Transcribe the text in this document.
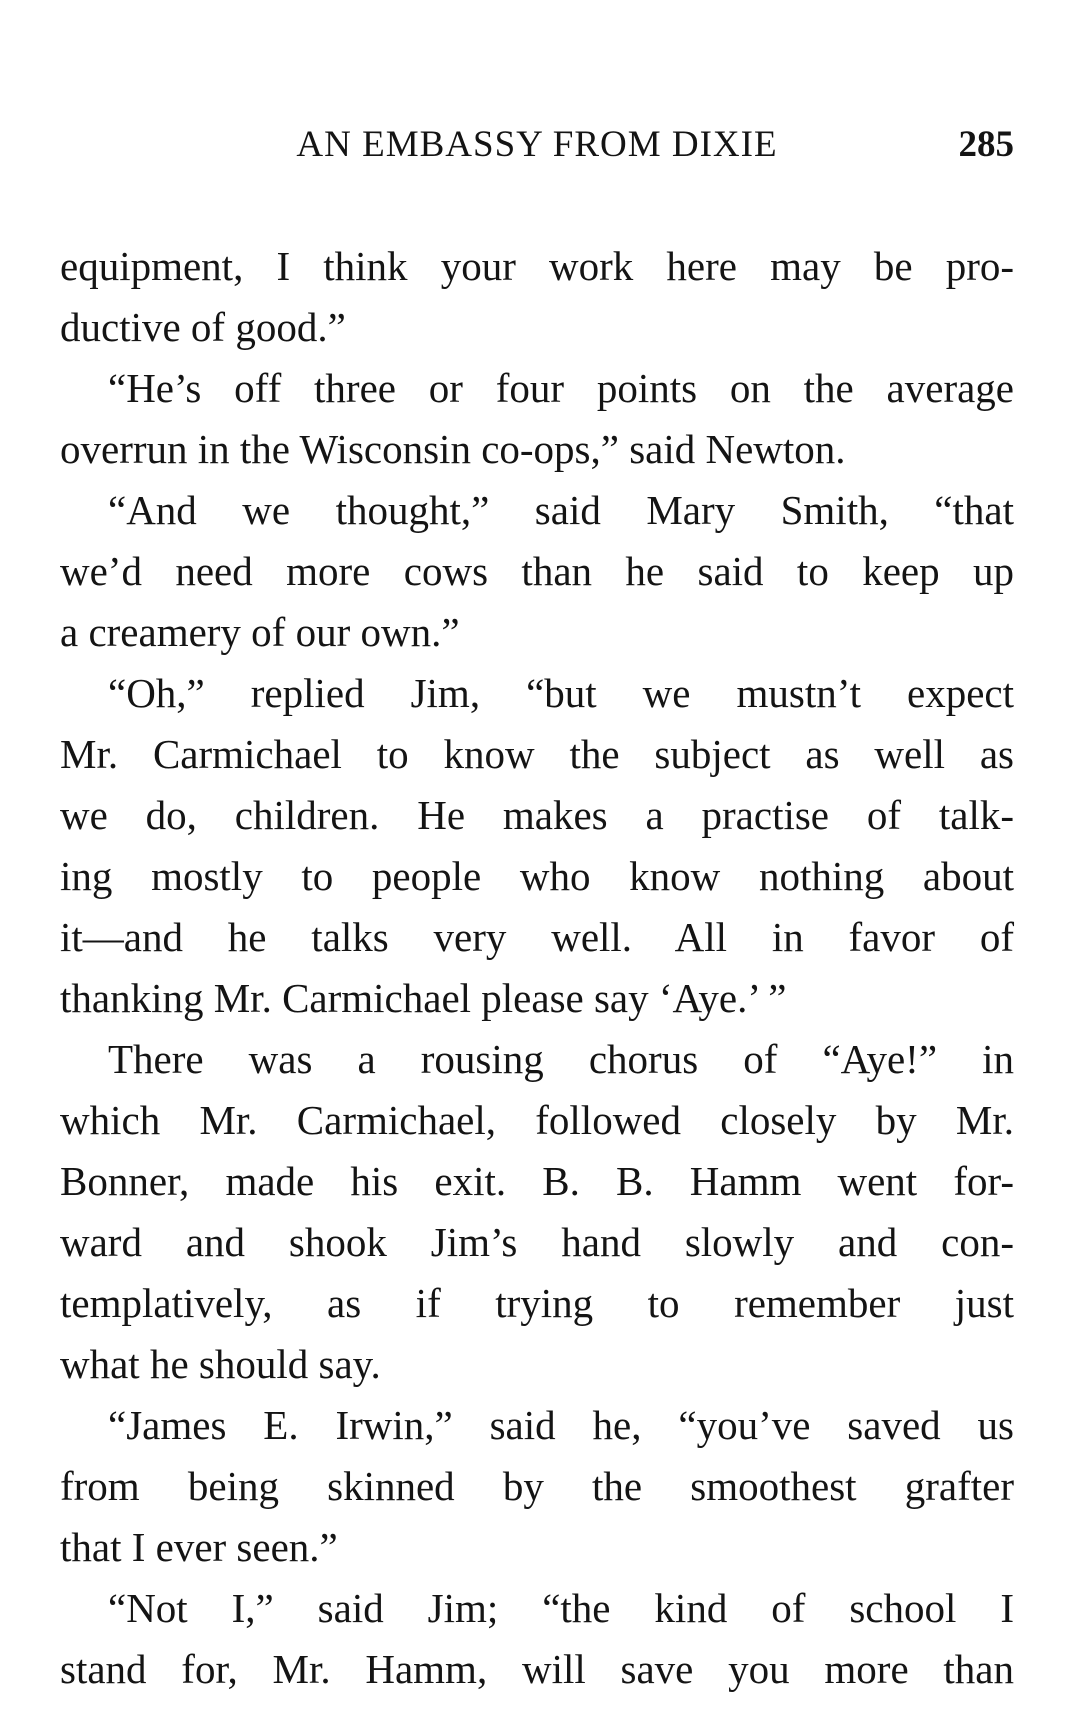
AN EMBASSY FROM DIXIE	285
equipment, I think your work here may be pro-
ductive of good.”
“He’s off three or four points on the average
overrun in the Wisconsin co-ops,” said Newton.
“And we thought,” said Mary Smith, “that
we’d need more cows than he said to keep up
a creamery of our own.”
“Oh,” replied Jim, “but we mustn’t expect
Mr. Carmichael to know the subject as well as
we do, children. He makes a practise of talk-
ing mostly to people who know nothing about
it—and he talks very well. All in favor of
thanking Mr. Carmichael please say ‘Aye.’ ”
There was a rousing chorus of “Aye!” in
which Mr. Carmichael, followed closely by Mr.
Bonner, made his exit. B. B. Hamm went for-
ward and shook Jim’s hand slowly and con-
templatively, as if trying to remember just
what he should say.
“James E. Irwin,” said he, “you’ve saved us
from being skinned by the smoothest grafter
that I ever seen.”
“Not I,” said Jim; “the kind of school I
stand for, Mr. Hamm, will save you more than
